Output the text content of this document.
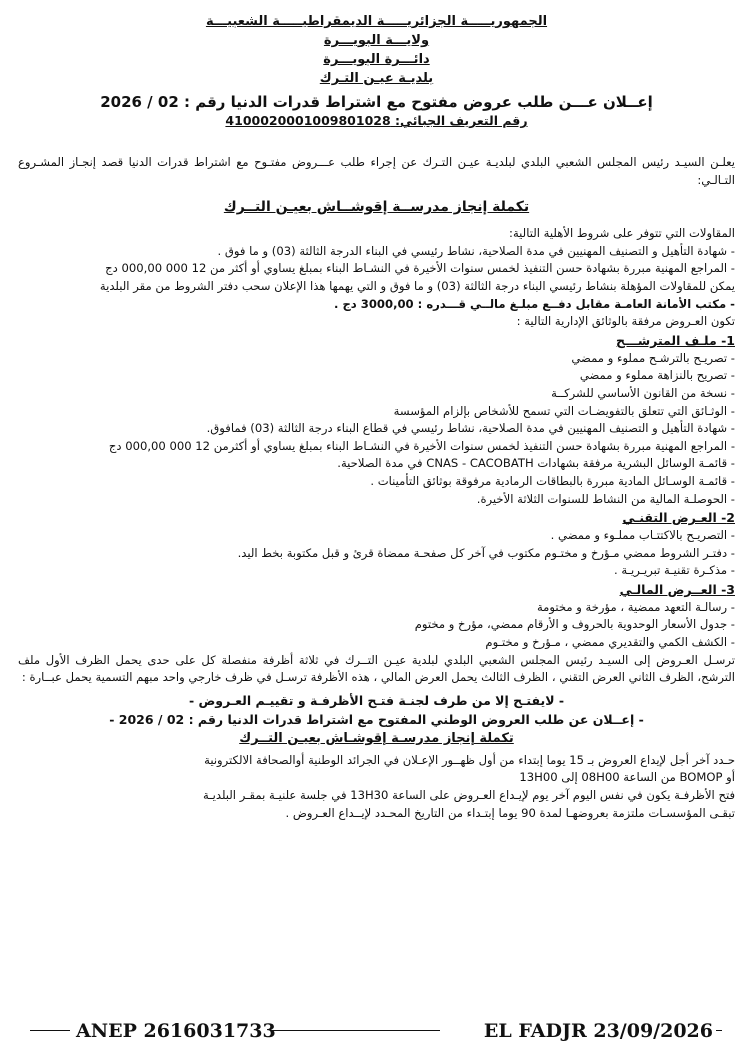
الجمهوريـــــة الجزائريـــــة الديمقراطيـــــة الشعبيـــة
ولايـــة البويـــرة
دائـــرة البويـــرة
بلديـة عيـن التـرك
إعــلان عـــن طلب عروض مفتوح مع اشتراط قدرات الدنيا رقم : 02 / 2026
رقم التعريف الجبائي: 4100020001009801028

يعلـن السيـد رئيس المجلس الشعبي البلدي لبلديـة عيـن التـرك عن إجراء طلب عـــروض مفتـوح مع اشتراط قدرات الدنيا قصد إنجـاز المشـروع التـالـي:

تكملة إنجاز مدرســة إقوشــاش بعيـن التــرك

المقاولات التي تتوفر على شروط الأهلية التالية:

- شهادة التأهيل و التصنيف المهنيين في مدة الصلاحية، نشاط رئيسي في البناء الدرجة الثالثة (03) و ما فوق .

- المراجع المهنية مبررة بشهادة حسن التنفيذ لخمس سنوات الأخيرة في النشـاط البناء بمبلغ يساوي أو أكثر من 12 000 000,00 دج

يمكن للمقاولات المؤهلة بنشاط رئيسي البناء درجة الثالثة (03) و ما فوق و التي يهمها هذا الإعلان سحب دفتر الشروط من مقر البلدية

- مكتب الأمانة العامـة مقابل دفــع مبلـغ مالــي قـــدره : 3000,00 دج .

تكون العـروض مرفقة بالوثائق الإدارية التالية :

1- ملـف المترشـــح

- تصريـح بالترشـح مملوء و ممضي

- تصريح بالنزاهة مملوء و ممضي

- نسخة من القانون الأساسي للشركــة

- الوثـائق التي تتعلق بالتفويضـات التي تسمح للأشخاص بإلزام المؤسسة

- شهادة التأهيل و التصنيف المهنيين في مدة الصلاحية، نشاط رئيسي في قطاع البناء درجة الثالثة (03) فمافوق.

- المراجع المهنية مبررة بشهادة حسن التنفيذ لخمس سنوات الأخيرة في النشـاط البناء بمبلغ يساوي أو أكثرمن 12 000 000,00 دج

- قائمـة الوسائل البشرية مرفقة بشهادات CNAS - CACOBATH في مدة الصلاحية.

- قائمـة الوسـائل المادية مبررة بالبطاقات الرمادية مرفوقة بوثائق التأمينات .

- الحوصلـة المالية من النشاط للسنوات الثلاثة الأخيرة.

2- العـرض التقنـي

- التصريـح بالاكتتـاب مملـوء و ممضي .

- دفتـر الشروط ممضي مـؤرخ و مختـوم مكتوب في آخر كل صفحـة ممضاة قرئ و قبل مكتوبة بخط اليد.

- مذكـرة تقنيـة تبريـريـة .

3- العــرض المالـي

- رسالـة التعهد ممضية ، مؤرخة و مختومة

- جدول الأسعار الوحدوية بالحروف و الأرقام ممضي، مؤرخ و مختوم

- الكشف الكمي والتقديري ممضي ، مـؤرخ و مختـوم

ترسـل العـروض إلى السيـد رئيس المجلس الشعبي البلدي لبلدية عيـن التــرك في ثلاثة أظرفة منفصلة كل على حدى يحمل الظرف الأول ملف الترشح، الظرف الثاني العرض التقني ، الظرف الثالث يحمل العرض المالي ، هذه الأظرفة ترسـل في ظرف خارجي واحد مبهم التسمية يحمل عبــارة :

- لايفتـح إلا من طرف لجنـة فتـح الأظرفـة و تقييـم العـروض -
- إعــلان عن طلب العروض الوطني المفتوح مع اشتراط قدرات الدنيا رقم : 02 / 2026 -
تكملة إنجاز مدرسـة إقوشـاش بعيـن التــرك

حـدد آخر أجل لإيداع العروض بـ 15 يوما إبتداء من أول ظهــور الإعـلان في الجرائد الوطنية أوالصحافة الالكترونية

أو BOMOP من الساعة 08H00 إلى 13H00

فتح الأظرفـة يكون في نفس اليوم آخر يوم لإيـداع العـروض على الساعة 13H30 في جلسة علنيـة بمقـر البلديـة

تبقـى المؤسسـات ملتزمة بعروضهـا لمدة 90 يوما إبتـداء من التاريخ المحـدد لإيــداع العـروض .

ANEP 2616031733	EL FADJR 23/09/2026
